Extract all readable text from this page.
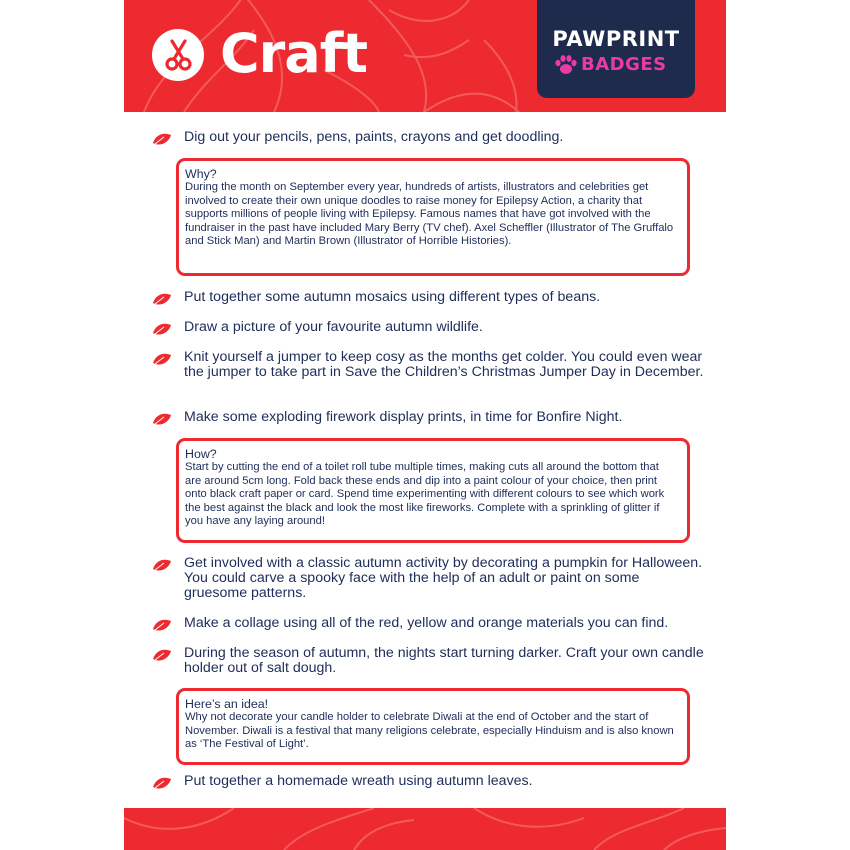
Craft	PAWPRINT
BADGES
Dig out your pencils, pens, paints, crayons and get doodling.
Why?
During the month on September every year, hundreds of artists, illustrators and celebrities get involved to create their own unique doodles to raise money for Epilepsy Action, a charity that supports millions of people living with Epilepsy. Famous names that have got involved with the fundraiser in the past have included Mary Berry (TV chef). Axel Scheffler (Illustrator of The Gruffalo and Stick Man) and Martin Brown (Illustrator of Horrible Histories).
Put together some autumn mosaics using different types of beans.
Draw a picture of your favourite autumn wildlife.
Knit yourself a jumper to keep cosy as the months get colder. You could even wear the jumper to take part in Save the Children’s Christmas Jumper Day in December.
Make some exploding firework display prints, in time for Bonfire Night.
How?
Start by cutting the end of a toilet roll tube multiple times, making cuts all around the bottom that are around 5cm long. Fold back these ends and dip into a paint colour of your choice, then print onto black craft paper or card. Spend time experimenting with different colours to see which work the best against the black and look the most like fireworks. Complete with a sprinkling of glitter if you have any laying around!
Get involved with a classic autumn activity by decorating a pumpkin for Halloween. You could carve a spooky face with the help of an adult or paint on some gruesome patterns.
Make a collage using all of the red, yellow and orange materials you can find.
During the season of autumn, the nights start turning darker. Craft your own candle holder out of salt dough.
Here’s an idea!
Why not decorate your candle holder to celebrate Diwali at the end of October and the start of November. Diwali is a festival that many religions celebrate, especially Hinduism and is also known as ‘The Festival of Light’.
Put together a homemade wreath using autumn leaves.
